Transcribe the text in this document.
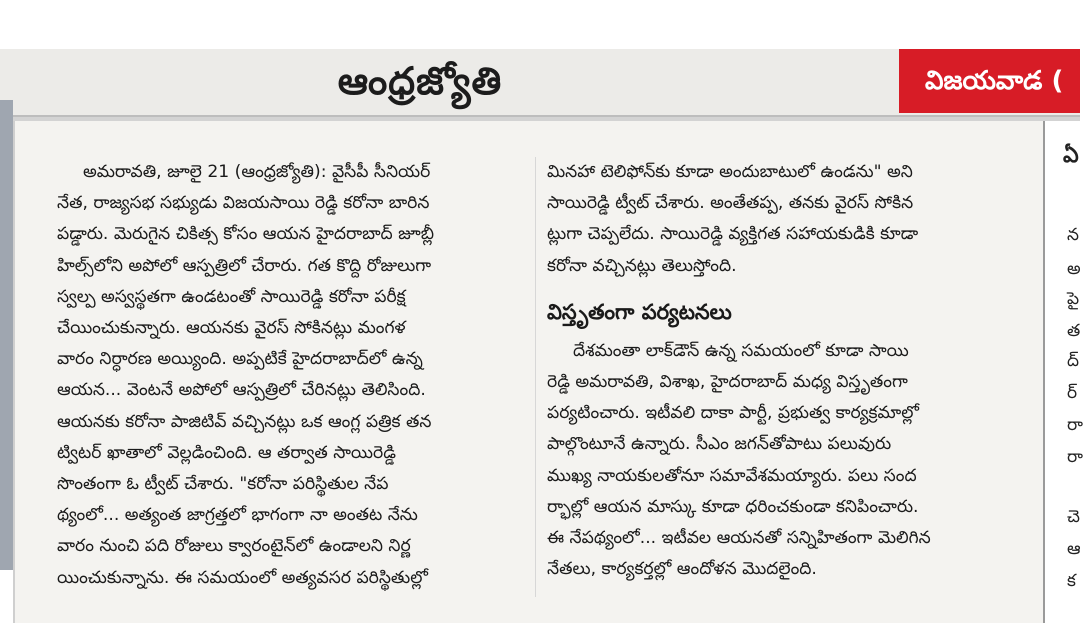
ఆంధ్రజ్యోతి	విజయవాడ (
అమరావతి, జూలై 21 (ఆంధ్రజ్యోతి): వైసీపీ సీనియర్
నేత, రాజ్యసభ సభ్యుడు విజయసాయి రెడ్డి కరోనా బారిన
పడ్డారు. మెరుగైన చికిత్స కోసం ఆయన హైదరాబాద్ జూబ్లీ
హిల్స్‌లోని అపోలో ఆస్పత్రిలో చేరారు. గత కొద్ది రోజులుగా
స్వల్ప అస్వస్థతగా ఉండటంతో సాయిరెడ్డి కరోనా పరీక్ష
చేయించుకున్నారు. ఆయనకు వైరస్ సోకినట్లు మంగళ
వారం నిర్ధారణ అయ్యింది. అప్పటికే హైదరాబాద్‌లో ఉన్న
ఆయన... వెంటనే అపోలో ఆస్పత్రిలో చేరినట్లు తెలిసింది.
ఆయనకు కరోనా పాజిటివ్ వచ్చినట్లు ఒక ఆంగ్ల పత్రిక తన
ట్విటర్ ఖాతాలో వెల్లడించింది. ఆ తర్వాత సాయిరెడ్డి
సొంతంగా ఓ ట్వీట్ చేశారు. "కరోనా పరిస్థితుల నేప
థ్యంలో... అత్యంత జాగ్రత్తలో భాగంగా నా అంతట నేను
వారం నుంచి పది రోజులు క్వారంటైన్‌లో ఉండాలని నిర్ణ
యించుకున్నాను. ఈ సమయంలో అత్యవసర పరిస్థితుల్లో
మినహా టెలిఫోన్‌కు కూడా అందుబాటులో ఉండను" అని
సాయిరెడ్డి ట్వీట్ చేశారు. అంతేతప్ప, తనకు వైరస్ సోకిన
ట్లుగా చెప్పలేదు. సాయిరెడ్డి వ్యక్తిగత సహాయకుడికి కూడా
కరోనా వచ్చినట్లు తెలుస్తోంది.
విస్తృతంగా పర్యటనలు
దేశమంతా లాక్‌డౌన్ ఉన్న సమయంలో కూడా సాయి
రెడ్డి అమరావతి, విశాఖ, హైదరాబాద్ మధ్య విస్తృతంగా
పర్యటించారు. ఇటీవలి దాకా పార్టీ, ప్రభుత్వ కార్యక్రమాల్లో
పాల్గొంటూనే ఉన్నారు. సీఎం జగన్‌తోపాటు పలువురు
ముఖ్య నాయకులతోనూ సమావేశమయ్యారు. పలు సంద
ర్భాల్లో ఆయన మాస్కు కూడా ధరించకుండా కనిపించారు.
ఈ నేపథ్యంలో... ఇటీవల ఆయనతో సన్నిహితంగా మెలిగిన
నేతలు, కార్యకర్తల్లో ఆందోళన మొదలైంది.
ఏ
న
అ
పై
త
ద్
ర్
రా
రా
చె
ఆ
క
